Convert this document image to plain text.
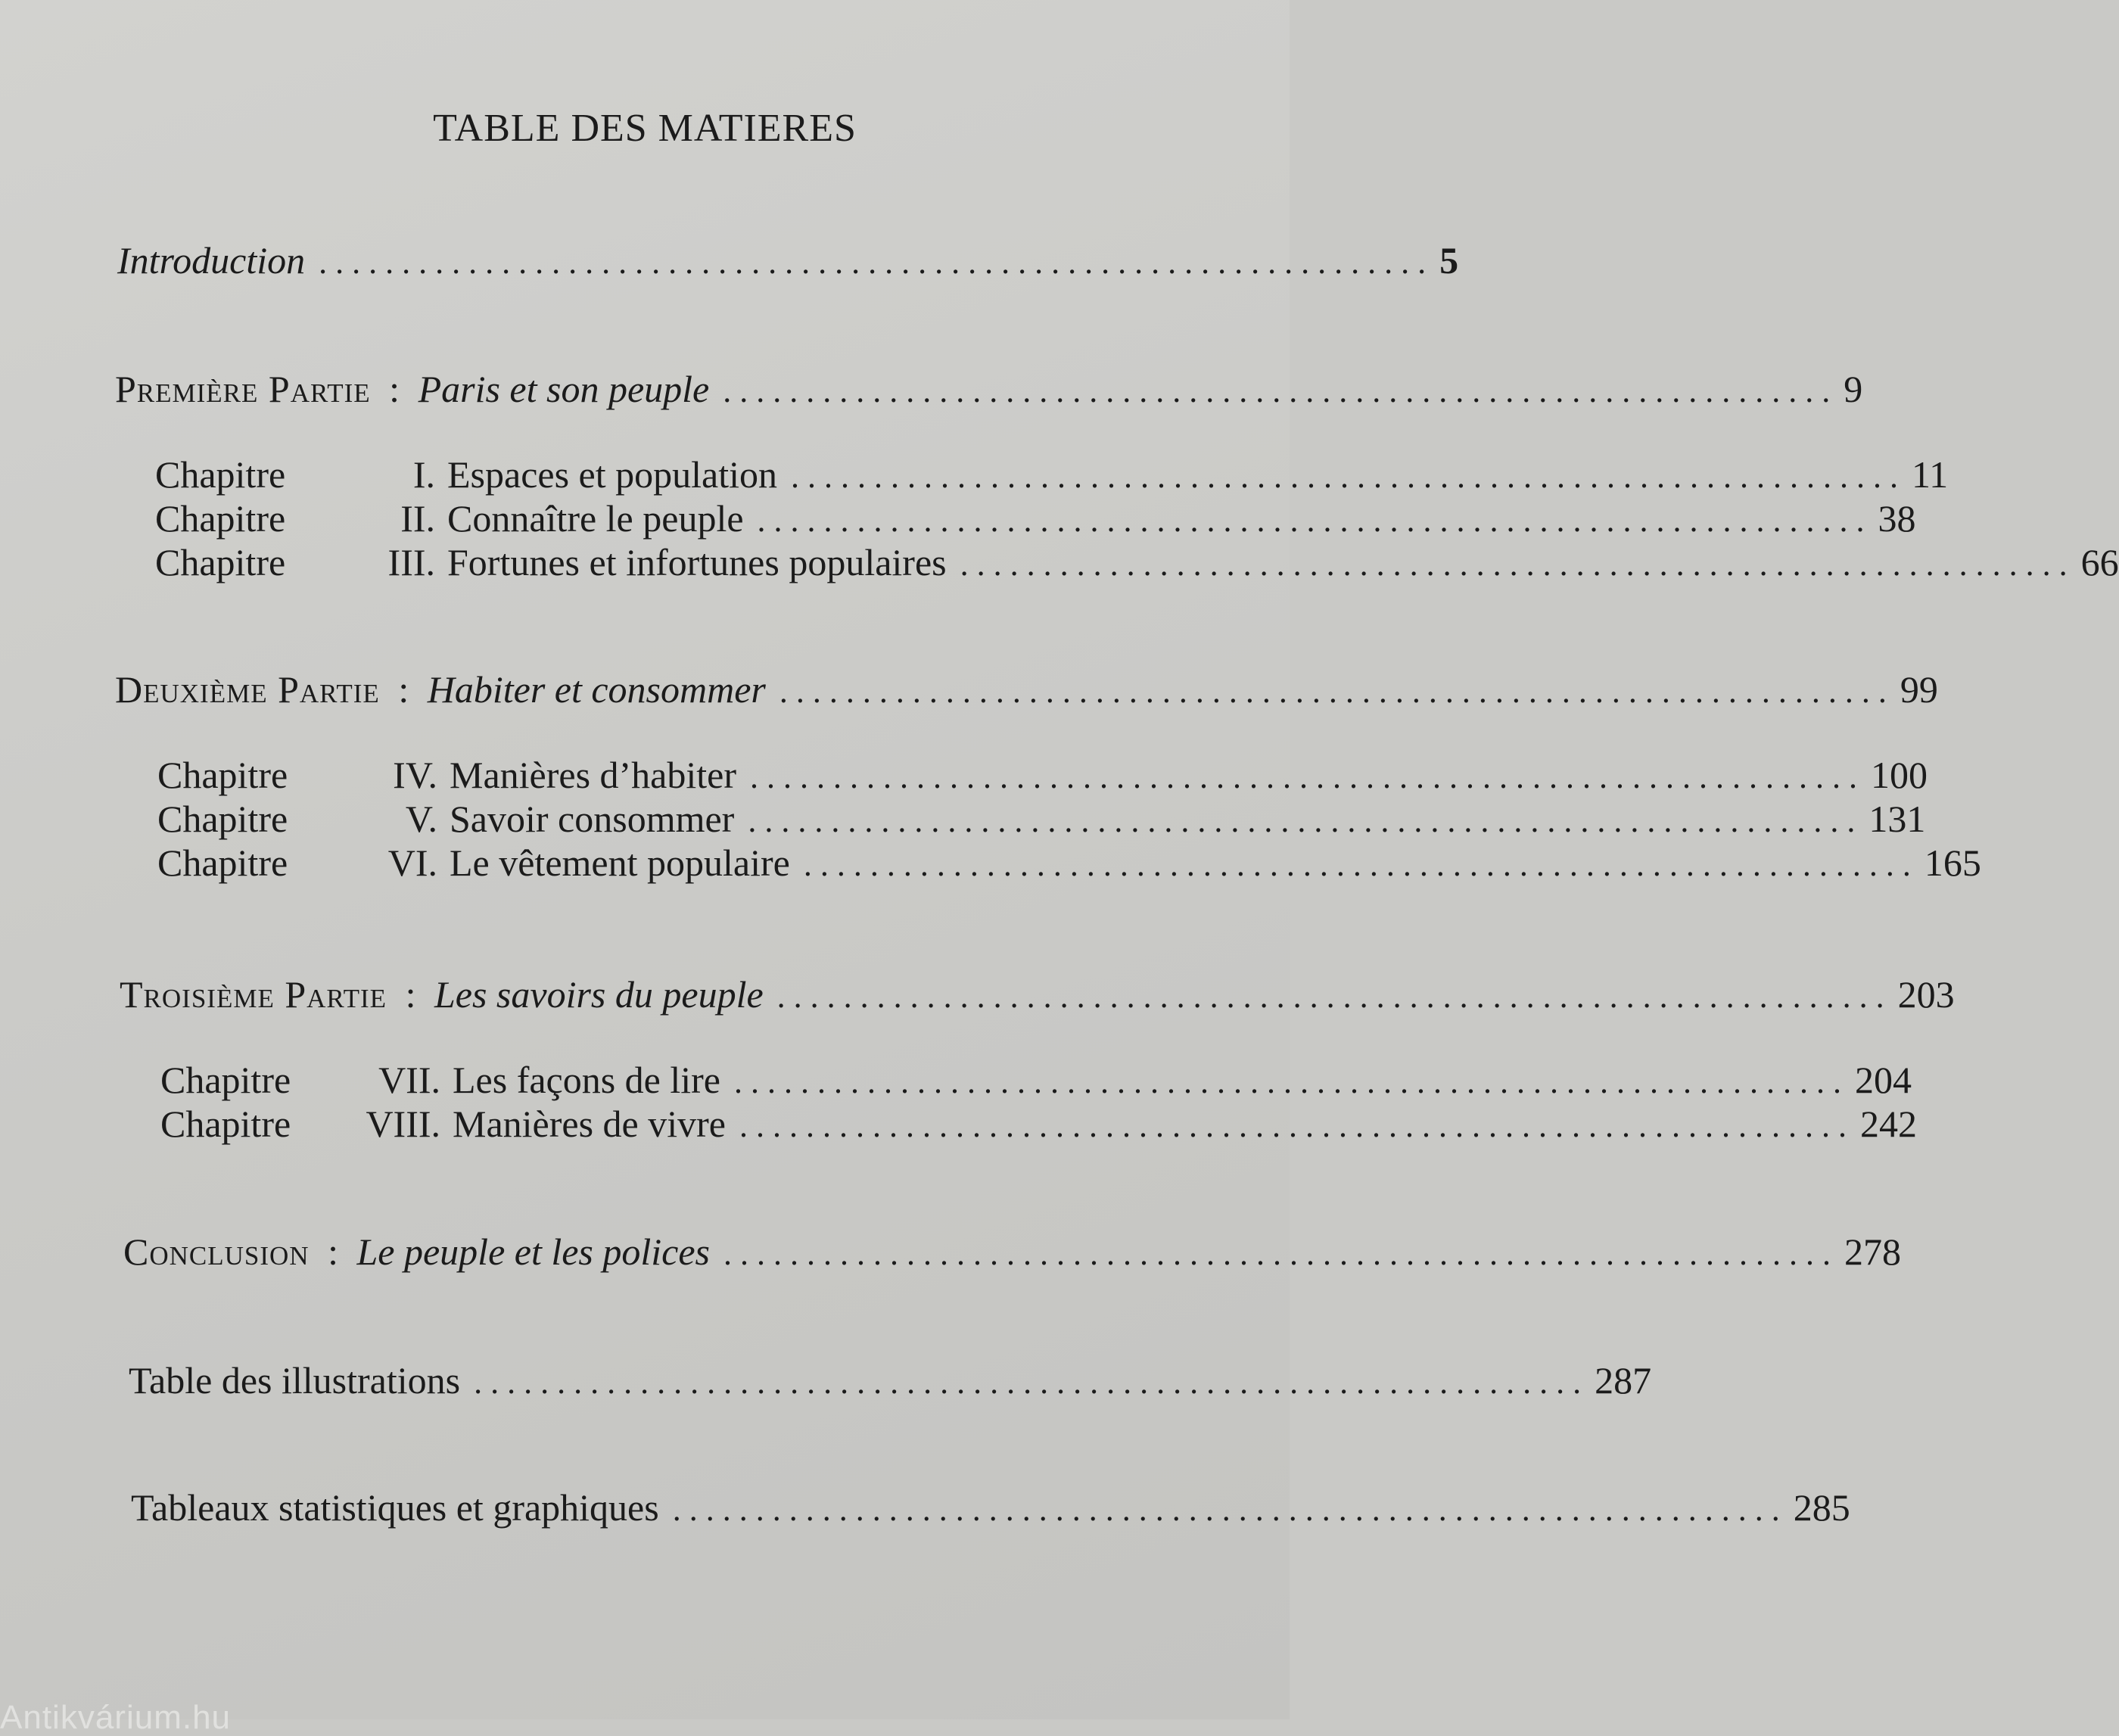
TABLE DES MATIERES
Introduction . . .	5
Première Partie : Paris et son peuple . . .	9
Chapitre	I. Espaces et population . . .	11
Chapitre	II. Connaître le peuple . . .	38
Chapitre	III. Fortunes et infortunes populaires . . .	66
Deuxième Partie : Habiter et consommer . . .	99
Chapitre	IV. Manières d’habiter . . .	100
Chapitre	V. Savoir consommer . . .	131
Chapitre	VI. Le vêtement populaire . . .	165
Troisième Partie : Les savoirs du peuple . . .	203
Chapitre VII. Les façons de lire . . .	204
Chapitre VIII. Manières de vivre . . .	242
Conclusion : Le peuple et les polices . . .	278
Table des illustrations . . .	287
Tableaux statistiques et graphiques . . .	285
Antikvárium.hu
